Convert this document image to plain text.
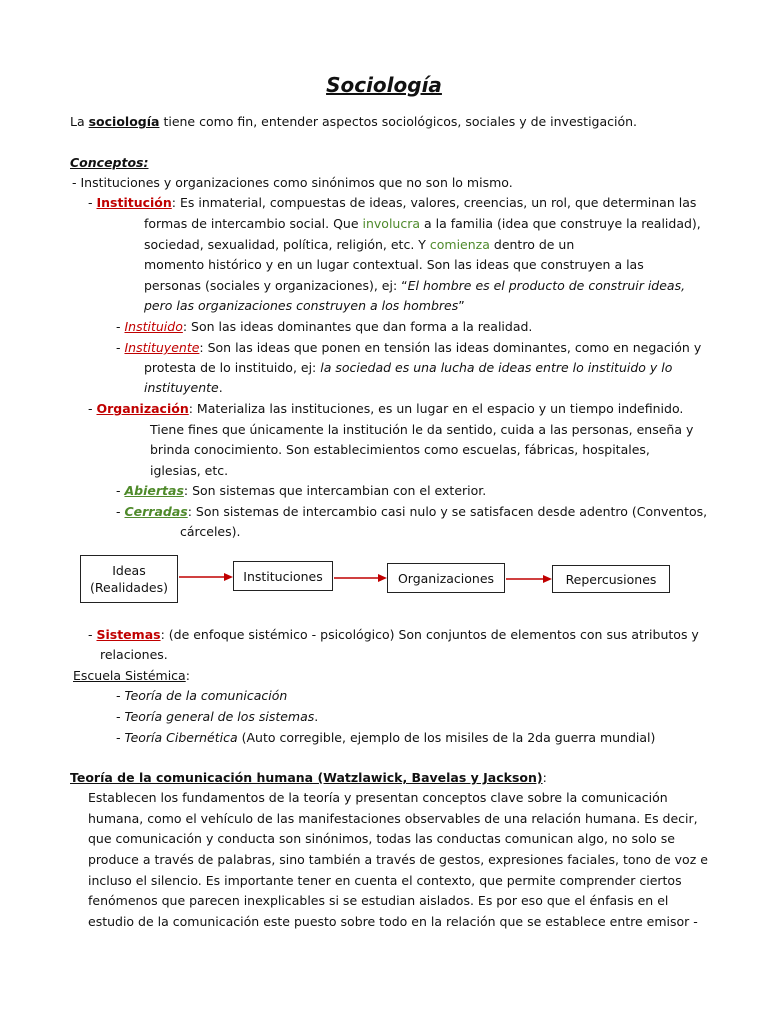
Sociología
La sociología tiene como fin, entender aspectos sociológicos, sociales y de investigación.
Conceptos:
- Instituciones y organizaciones como sinónimos que no son lo mismo.
- Institución: Es inmaterial, compuestas de ideas, valores, creencias, un rol, que determinan las
formas de intercambio social. Que involucra a la familia (idea que construye la realidad),
sociedad, sexualidad, política, religión, etc. Y comienza dentro de un
momento histórico y en un lugar contextual. Son las ideas que construyen a las
personas (sociales y organizaciones), ej: “El hombre es el producto de construir ideas,
pero las organizaciones construyen a los hombres”
- Instituido: Son las ideas dominantes que dan forma a la realidad.
- Instituyente: Son las ideas que ponen en tensión las ideas dominantes, como en negación y
protesta de lo instituido, ej: la sociedad es una lucha de ideas entre lo instituido y lo
instituyente.
- Organización: Materializa las instituciones, es un lugar en el espacio y un tiempo indefinido.
Tiene fines que únicamente la institución le da sentido, cuida a las personas, enseña y
brinda conocimiento. Son establecimientos como escuelas, fábricas, hospitales,
iglesias, etc.
- Abiertas: Son sistemas que intercambian con el exterior.
- Cerradas: Son sistemas de intercambio casi nulo y se satisfacen desde adentro (Conventos,
cárceles).
Ideas
(Realidades)
Instituciones	Organizaciones	Repercusiones
- Sistemas: (de enfoque sistémico - psicológico) Son conjuntos de elementos con sus atributos y
relaciones.
Escuela Sistémica:
- Teoría de la comunicación
- Teoría general de los sistemas.
- Teoría Cibernética (Auto corregible, ejemplo de los misiles de la 2da guerra mundial)
Teoría de la comunicación humana (Watzlawick, Bavelas y Jackson):
Establecen los fundamentos de la teoría y presentan conceptos clave sobre la comunicación
humana, como el vehículo de las manifestaciones observables de una relación humana. Es decir,
que comunicación y conducta son sinónimos, todas las conductas comunican algo, no solo se
produce a través de palabras, sino también a través de gestos, expresiones faciales, tono de voz e
incluso el silencio. Es importante tener en cuenta el contexto, que permite comprender ciertos
fenómenos que parecen inexplicables si se estudian aislados. Es por eso que el énfasis en el
estudio de la comunicación este puesto sobre todo en la relación que se establece entre emisor -
